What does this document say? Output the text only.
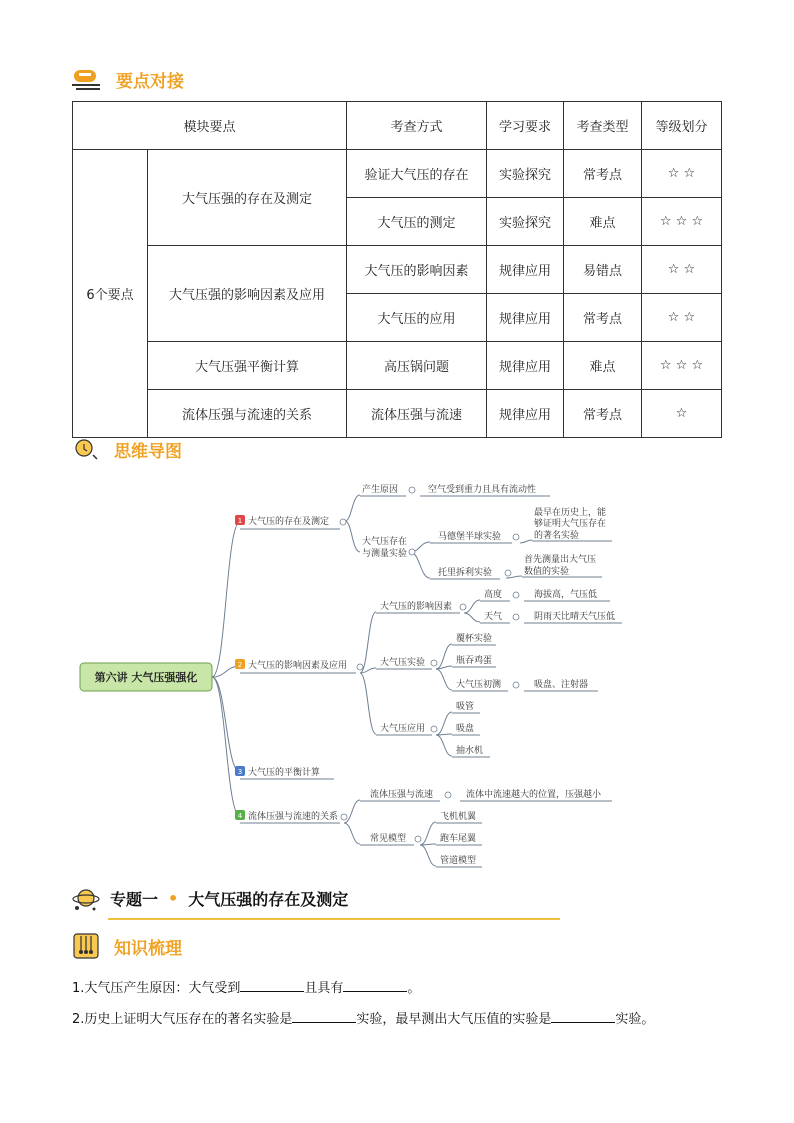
要点对接
模块要点		考查方式	学习要求	考查类型	等级划分
6个要点	大气压强的存在及测定	验证大气压的存在	实验探究	常考点	☆ ☆
		大气压的测定	实验探究	难点	☆ ☆ ☆
	大气压强的影响因素及应用	大气压的影响因素	规律应用	易错点	☆ ☆
		大气压的应用	规律应用	常考点	☆ ☆
	大气压强平衡计算	高压锅问题	规律应用	难点	☆ ☆ ☆
	流体压强与流速的关系	流体压强与流速	规律应用	常考点	☆
思维导图
第六讲 大气压强强化
1 大气压的存在及测定
2 大气压的影响因素及应用
3 大气压的平衡计算
4 流体压强与流速的关系
产生原因	空气受到重力且具有流动性
大气压存在
与测量实验
马德堡半球实验
最早在历史上，能
够证明大气压存在
的著名实验
托里拆利实验
首先测量出大气压
数值的实验
大气压的影响因素
高度	海拔高，气压低
天气	阴雨天比晴天气压低
大气压实验
覆杯实验
瓶吞鸡蛋
大气压初测	吸盘、注射器
大气压应用
吸管
吸盘
抽水机
流体压强与流速	流体中流速越大的位置，压强越小
常见模型
飞机机翼
跑车尾翼
管道模型
专题一 • 大气压强的存在及测定
知识梳理
1.大气压产生原因：大气受到	且具有	。
2.历史上证明大气压存在的著名实验是	实验，最早测出大气压值的实验是	实验。
